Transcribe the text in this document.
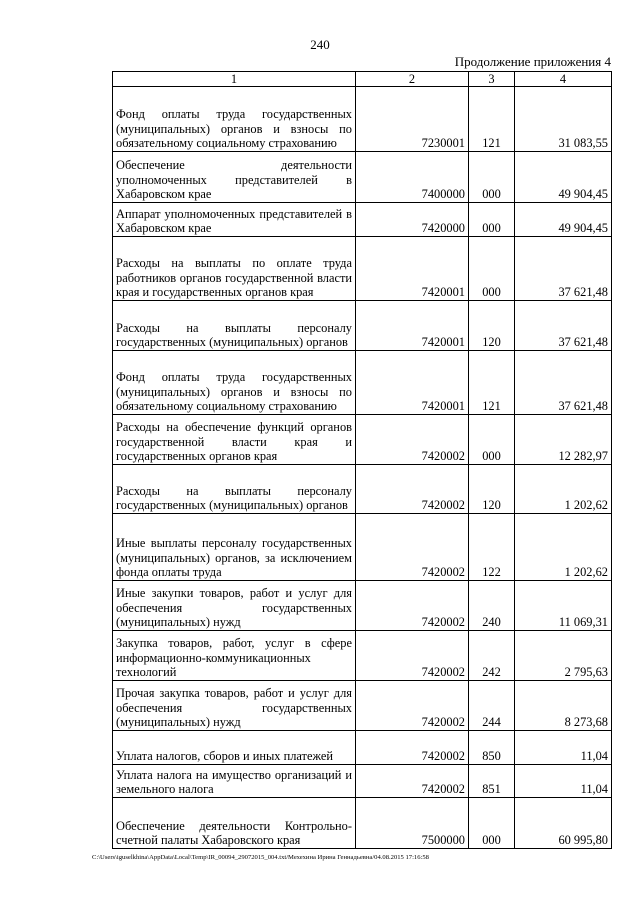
240
Продолжение приложения 4
1	2	3	4
Фонд оплаты труда государственных (муниципальных) органов и взносы по обязательному социальному страхованию	7230001	121	31 083,55
Обеспечение деятельности уполномоченных представителей в Хабаровском крае	7400000	000	49 904,45
Аппарат уполномоченных представителей в Хабаровском крае	7420000	000	49 904,45
Расходы на выплаты по оплате труда работников органов государственной власти края и государственных органов края	7420001	000	37 621,48
Расходы на выплаты персоналу государственных (муниципальных) органов	7420001	120	37 621,48
Фонд оплаты труда государственных (муниципальных) органов и взносы по обязательному социальному страхованию	7420001	121	37 621,48
Расходы на обеспечение функций органов государственной власти края и государственных органов края	7420002	000	12 282,97
Расходы на выплаты персоналу государственных (муниципальных) органов	7420002	120	1 202,62
Иные выплаты персоналу государственных (муниципальных) органов, за исключением фонда оплаты труда	7420002	122	1 202,62
Иные закупки товаров, работ и услуг для обеспечения государственных (муниципальных) нужд	7420002	240	11 069,31
Закупка товаров, работ, услуг в сфере информационно-коммуникационных технологий	7420002	242	2 795,63
Прочая закупка товаров, работ и услуг для обеспечения государственных (муниципальных) нужд	7420002	244	8 273,68
Уплата налогов, сборов и иных платежей	7420002	850	11,04
Уплата налога на имущество организаций и земельного налога	7420002	851	11,04
Обеспечение деятельности Контрольно-счетной палаты Хабаровского края	7500000	000	60 995,80
C:\Users\iguselkhina\AppData\Local\Temp\IR_00094_29072015_004.txt/Мехехина Ирина Геннадьевна/04.08.2015 17:16:58
